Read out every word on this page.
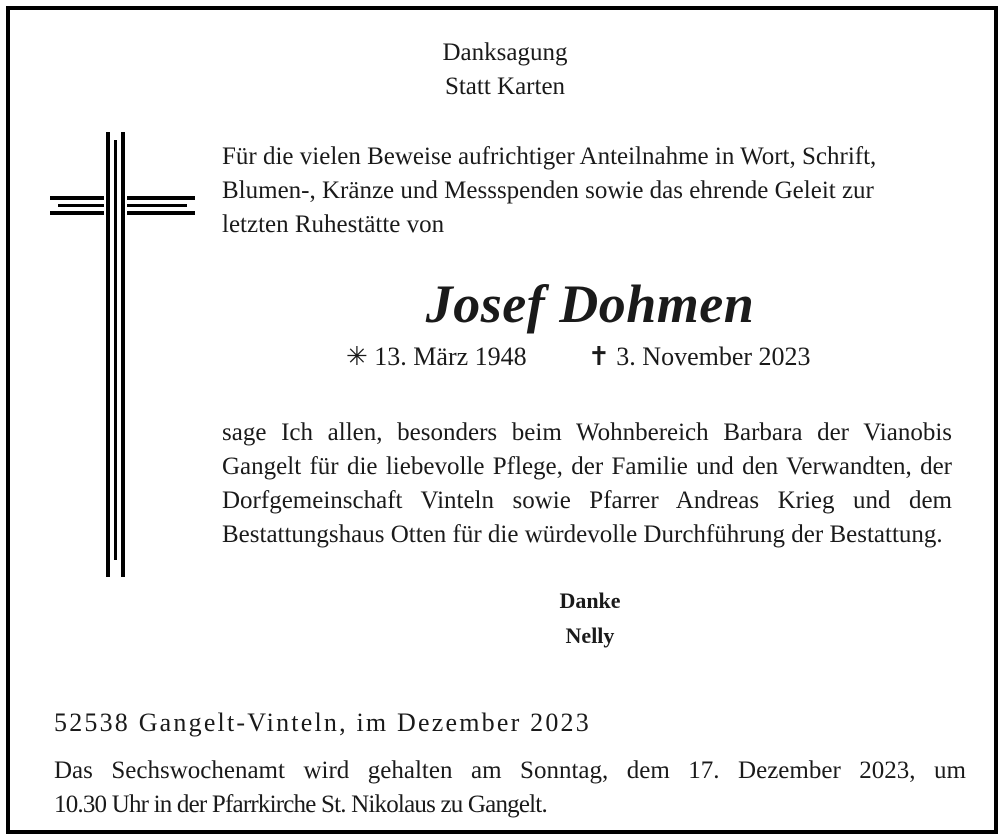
Danksagung
Statt Karten
Für die vielen Beweise aufrichtiger Anteilnahme in Wort, Schrift,
Blumen-, Kränze und Messspenden sowie das ehrende Geleit zur
letzten Ruhestätte von
Josef Dohmen
✳ 13. März 1948 ✝ 3. November 2023
sage Ich allen, besonders beim Wohnbereich Barbara der Vianobis
Gangelt für die liebevolle Pflege, der Familie und den Verwandten, der
Dorfgemeinschaft Vinteln sowie Pfarrer Andreas Krieg und dem
Bestattungshaus Otten für die würdevolle Durchführung der Bestattung.
Danke
Nelly
52538 Gangelt-Vinteln, im Dezember 2023
Das Sechswochenamt wird gehalten am Sonntag, dem 17. Dezember 2023, um
10.30 Uhr in der Pfarrkirche St. Nikolaus zu Gangelt.
